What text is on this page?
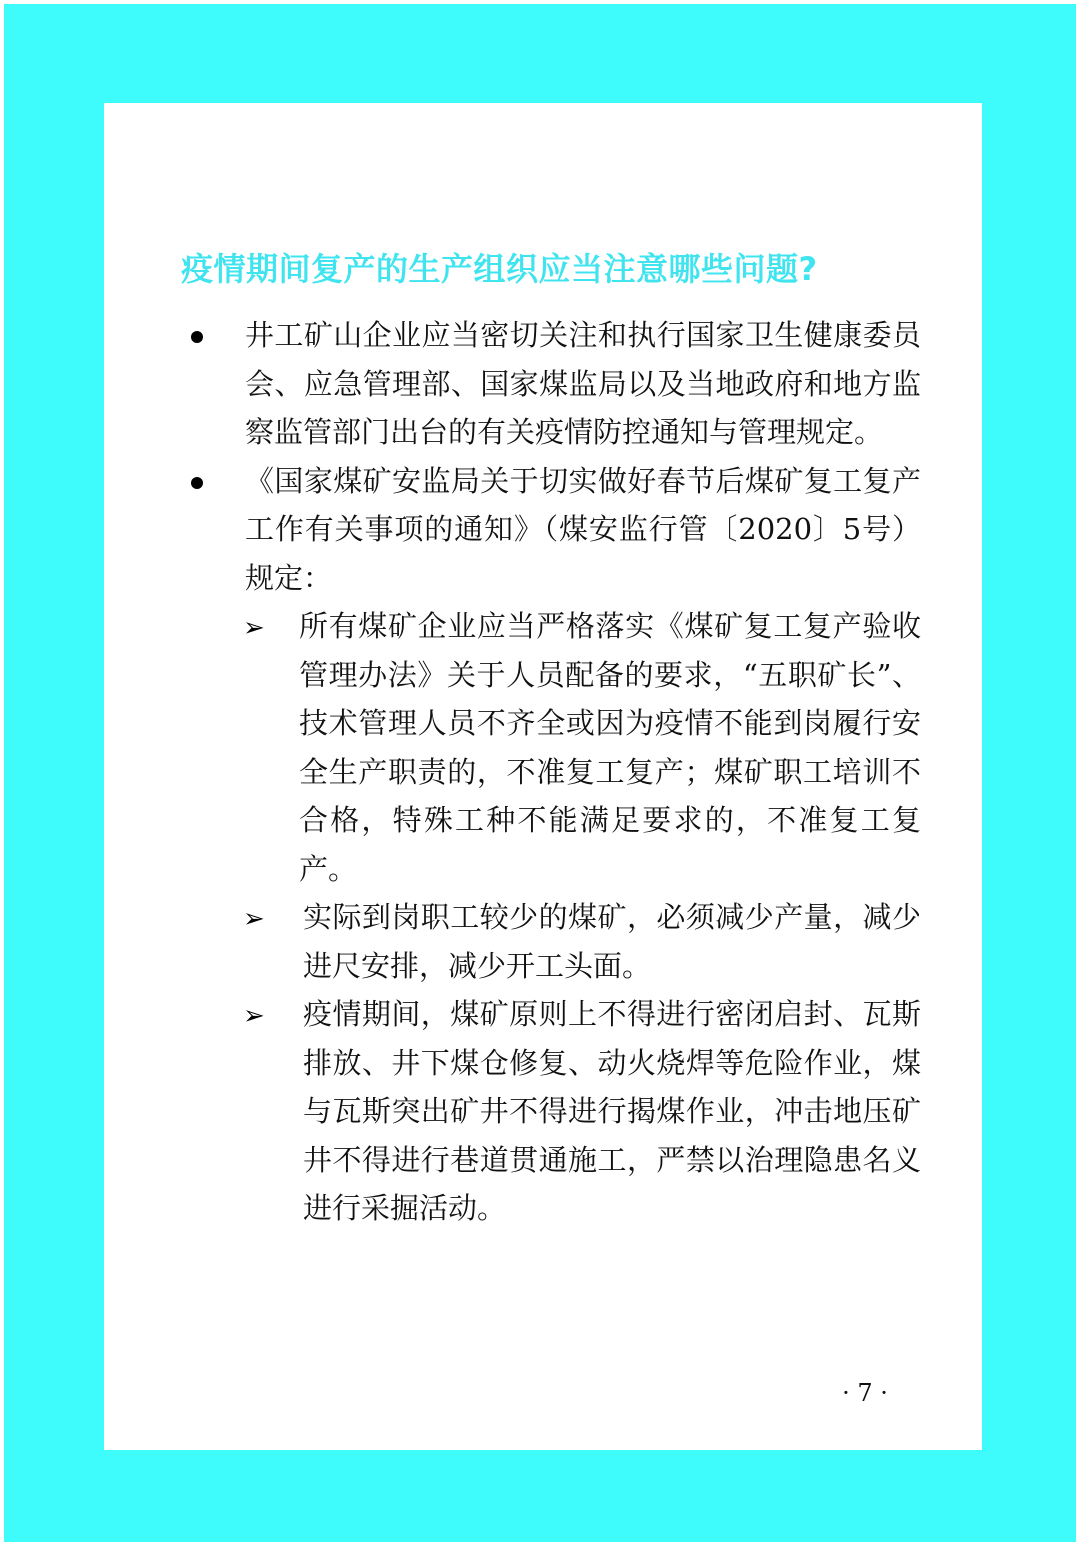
疫情期间复产的生产组织应当注意哪些问题?
井工矿山企业应当密切关注和执行国家卫生健康委员会、应急管理部、国家煤监局以及当地政府和地方监察监管部门出台的有关疫情防控通知与管理规定。
《国家煤矿安监局关于切实做好春节后煤矿复工复产工作有关事项的通知》（煤安监行管〔2020〕5号）规定：
➢ 所有煤矿企业应当严格落实《煤矿复工复产验收管理办法》关于人员配备的要求，“五职矿长”、技术管理人员不齐全或因为疫情不能到岗履行安全生产职责的，不准复工复产；煤矿职工培训不合格，特殊工种不能满足要求的，不准复工复产。
➢ 实际到岗职工较少的煤矿，必须减少产量，减少进尺安排，减少开工头面。
➢ 疫情期间，煤矿原则上不得进行密闭启封、瓦斯排放、井下煤仓修复、动火烧焊等危险作业，煤与瓦斯突出矿井不得进行揭煤作业，冲击地压矿井不得进行巷道贯通施工，严禁以治理隐患名义进行采掘活动。
· 7 ·
